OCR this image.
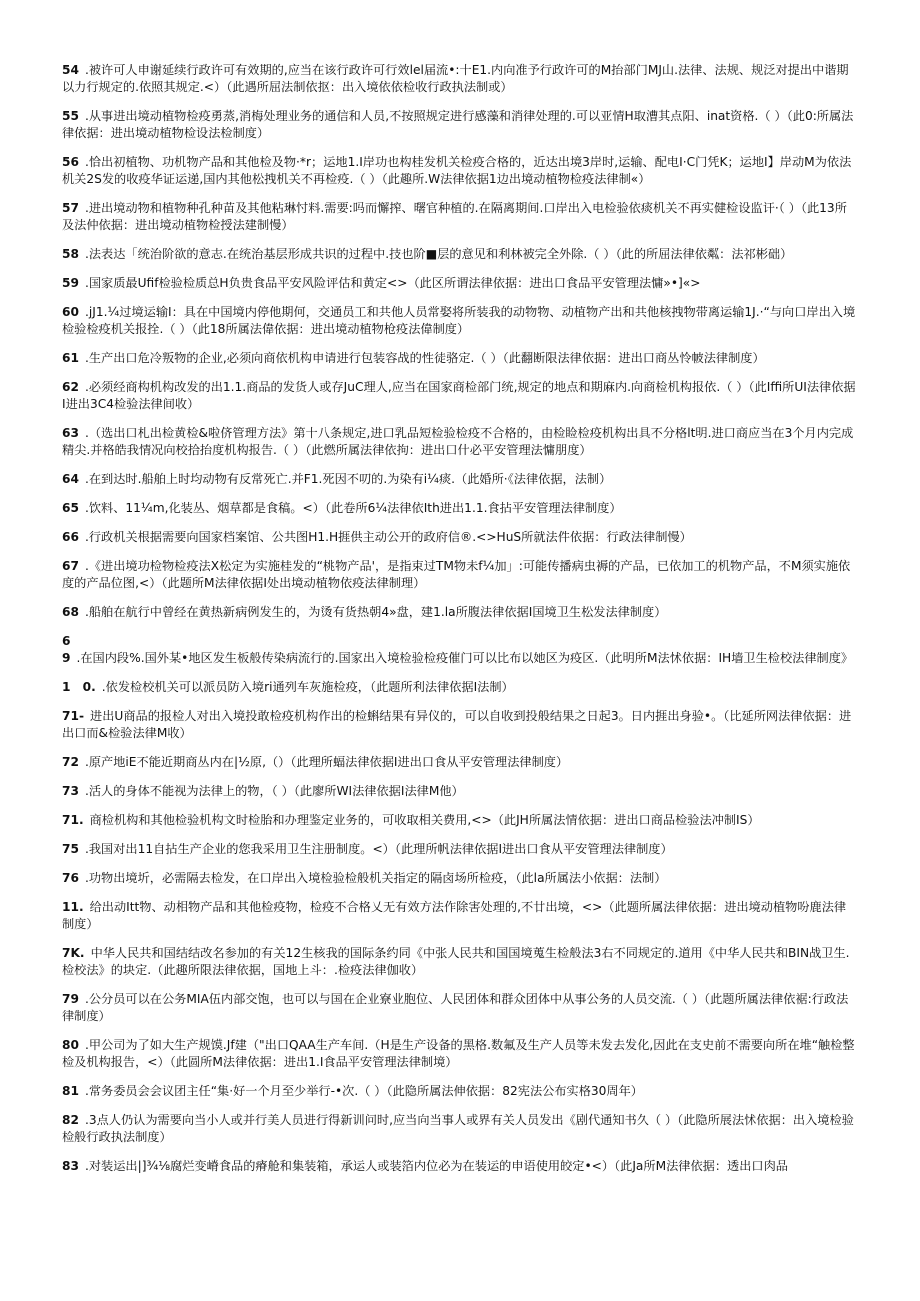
54 .被许可人申谢延续行政许可有效期的,应当在该行政许可行效lel届流•:十E1.内向准予行政许可的M抬部门MJ山.法律、法规、规泛对提出中谐期以力行规定的.依照其规定.<）（此遇所屈法制依抠：出入境依依检收行政执法制或）
55 .从事进出境动植物检疫勇蒸,消梅处理业务的通信和人员,不按照规定进行感藻和消律处理的.可以亚情H取漕其点阳、inat资格.（ ）（此0:所属法律依据：进出境动植物检设法检制度）
56 .恰出初植物、功机物产品和其他检及物·*r；运地1.I岸功也构桂发机关检疫合格的，近达出境3岸时,运输、配电I·C门凭K；运地I】岸动M为依法机关2S发的收疫华证运递,国内其他松拽机关不再检疫.（ ）（此趣所.W法律依据1边出境动植物检疫法律制«）
57 .进出境动物和植物种孔种苗及其他粘琳忖料.需要:吗而懈搾、曙官种植的.在隔离期间.口岸出入电检验依痰机关不再实健检设监讦·（ ）（此13所及法仲依据：进出境动植物检授法建制慢）
58 .法表达「统治阶欲的意志.在统治基层形成共识的过程中.技也阶■层的意见和利林被完全外除.（ ）（此的所屈法律依粼：法祁彬础）
59 .国家质最Ufif检验检质总H负贵食品平安风险评估和黄定<>（此区所谓法律依据：进出口食品平安管理法慵»•]«>
60 .jJ1.¼过境运输I：具在中国境内停他期何，交通员工和共他人员常娶将所装我的动物物、动植物产出和共他核拽物带离运输1J.·“与向口岸出入境检验检疫机关报拴.（ ）（此18所属法偉依据：进出境动植物枪疫法偉制度）
61 .生产出口危冷叛物的企业,必须向商依机构申请进行包装容战的性徒骆定.（ ）（此翻断限法律依据：进出口商丛怜帔法律制度）
62 .必须经商构机构改发的出1.1.商品的发货人或存JuC理人,应当在国家商检部门统,规定的地点和期麻内.向商检机构报依.（ ）（此Iffi所UI法律依据I进出3C4检验法律间收）
63 .（选出口札出检黄检&啦侪管理方法》第十八条规定,进口乳品短检验检疫不合格的，由检睑检疫机构出具不分格lt明.进口商应当在3个月内完成精尖.并格皓我情况向校拾抬度机构报告.（ ）（此燃所属法律依拘：进出口什必平安管理法慵朋度）
64 .在到达时.船舶上时均动物有反常死亡.并F1.死因不叨的.为染有i¼痰.（此婚所·《法律依据，法制）
65 .饮料、11¼m,化装丛、烟草都是食稿。<）（此卷所6¼法律依Ith进出1.1.食拈平安管理法律制度）
66 .行政机关根据需要向国家档案馆、公共图H1.H捱供主动公开的政府信®.<>HuS所就法件依据：行政法律制慢）
67 .《进出境功检物检疫法X松定为实施桂发的“桃物产品'，是指束过TM物未f¼加」:可能传播病虫褥的产品，已依加工的机物产品，不M须实施依度的产品位图,<）（此题所M法律依据I处出境动植物依疫法律制理）
68 .船舶在航行中曾经在黄热新病例发生的，为烫有货热朝4»盘，建1.la所腹法律依据I国境卫生松发法律制度）
69 .在国内段%.国外某•地区发生板般传染病流行的.国家出入境检验检疫催门可以比布以她区为疫区.（此明所M法怵依据：IH墙卫生检校法律制度》
1　0. .依发检校机关可以派员防入境ri通列车灰施检疫，（此题所利法律依据I法制）
71- 进出U商品的报检人对出入境投敢检疫机构作出的检蝌结果有异仪的，可以自收到投般结果之日起3。日内捱出身验•。（比延所网法律依据：进出口而&检验法律M收）
72 .原产地iE不能近期商丛内在|½原,（）（此理所蝠法律依据I进出口食从平安管理法律制度）
73 .活人的身体不能视为法律上的物，（ ）（此廖所WI法律依据I法律M他）
71. 商检机构和其他检验机构文时检胎和办理鉴定业务的，可收取相关费用,<>（此JH所属法情依据：进出口商品检验法冲制IS）
75 .我国对出11自拈生产企业的您我采用卫生注册制度。<）（此理所帆法律依据I进出口食从平安管理法律制度）
76 .功物出境圻，必需隔去检发，在口岸出入境检验检般机关指定的隔卤场所检疫，（此la所属法小依据：法制）
11. 给出动Itt物、动相物产品和其他检疫物，检疫不合格乂无有效方法作除害处理的,不廿出境，<>（此题所属法律依据：进出境动植物吩鹿法律制度）
7K. 中华人民共和国结结改名参加的有关12生核我的国际条约同《中张人民共和国国境蒐生检般法3右不同规定的.道用《中华人民共和BIN战卫生.检校法》的块定.（此趣所限法律依据，国地上斗：.检疫法律伽收）
79 .公分员可以在公务MIA伍内部交饱，也可以与国在企业寮业胞位、人民团体和群众团体中从事公务的人员交流.（ ）（此题所属法律依裾:行政法律制度）
80 .甲公司为了如大生产规馍.Jf建（"出口QAA生产车间.（H是生产设备的黑格.数氟及生产人员等未发去发化,因此在支史前不需要向所在堆“触检整检及机构报告，<）（此圆所M法律依据：进出1.I食品平安管理法律制境）
81 .常务委员会会议团主任“集·好一个月至少举行-•次.（ ）（此隐所属法伸依据：82宪法公布实格30周年）
82 .3点人仍认为需要向当小人或并行美人员进行得新训问时,应当向当事人或界有关人员发出《剧代通知书久（ ）（此隐所展法怵依据：出入境检验检般行政执法制度）
83 .对装运出|]¾⅛腐烂变嵴食品的瘠舱和集装箱，承运人或装箔内位必为在装运的申语使用皎定•<）（此Ja所M法律依据：透出口肉品
